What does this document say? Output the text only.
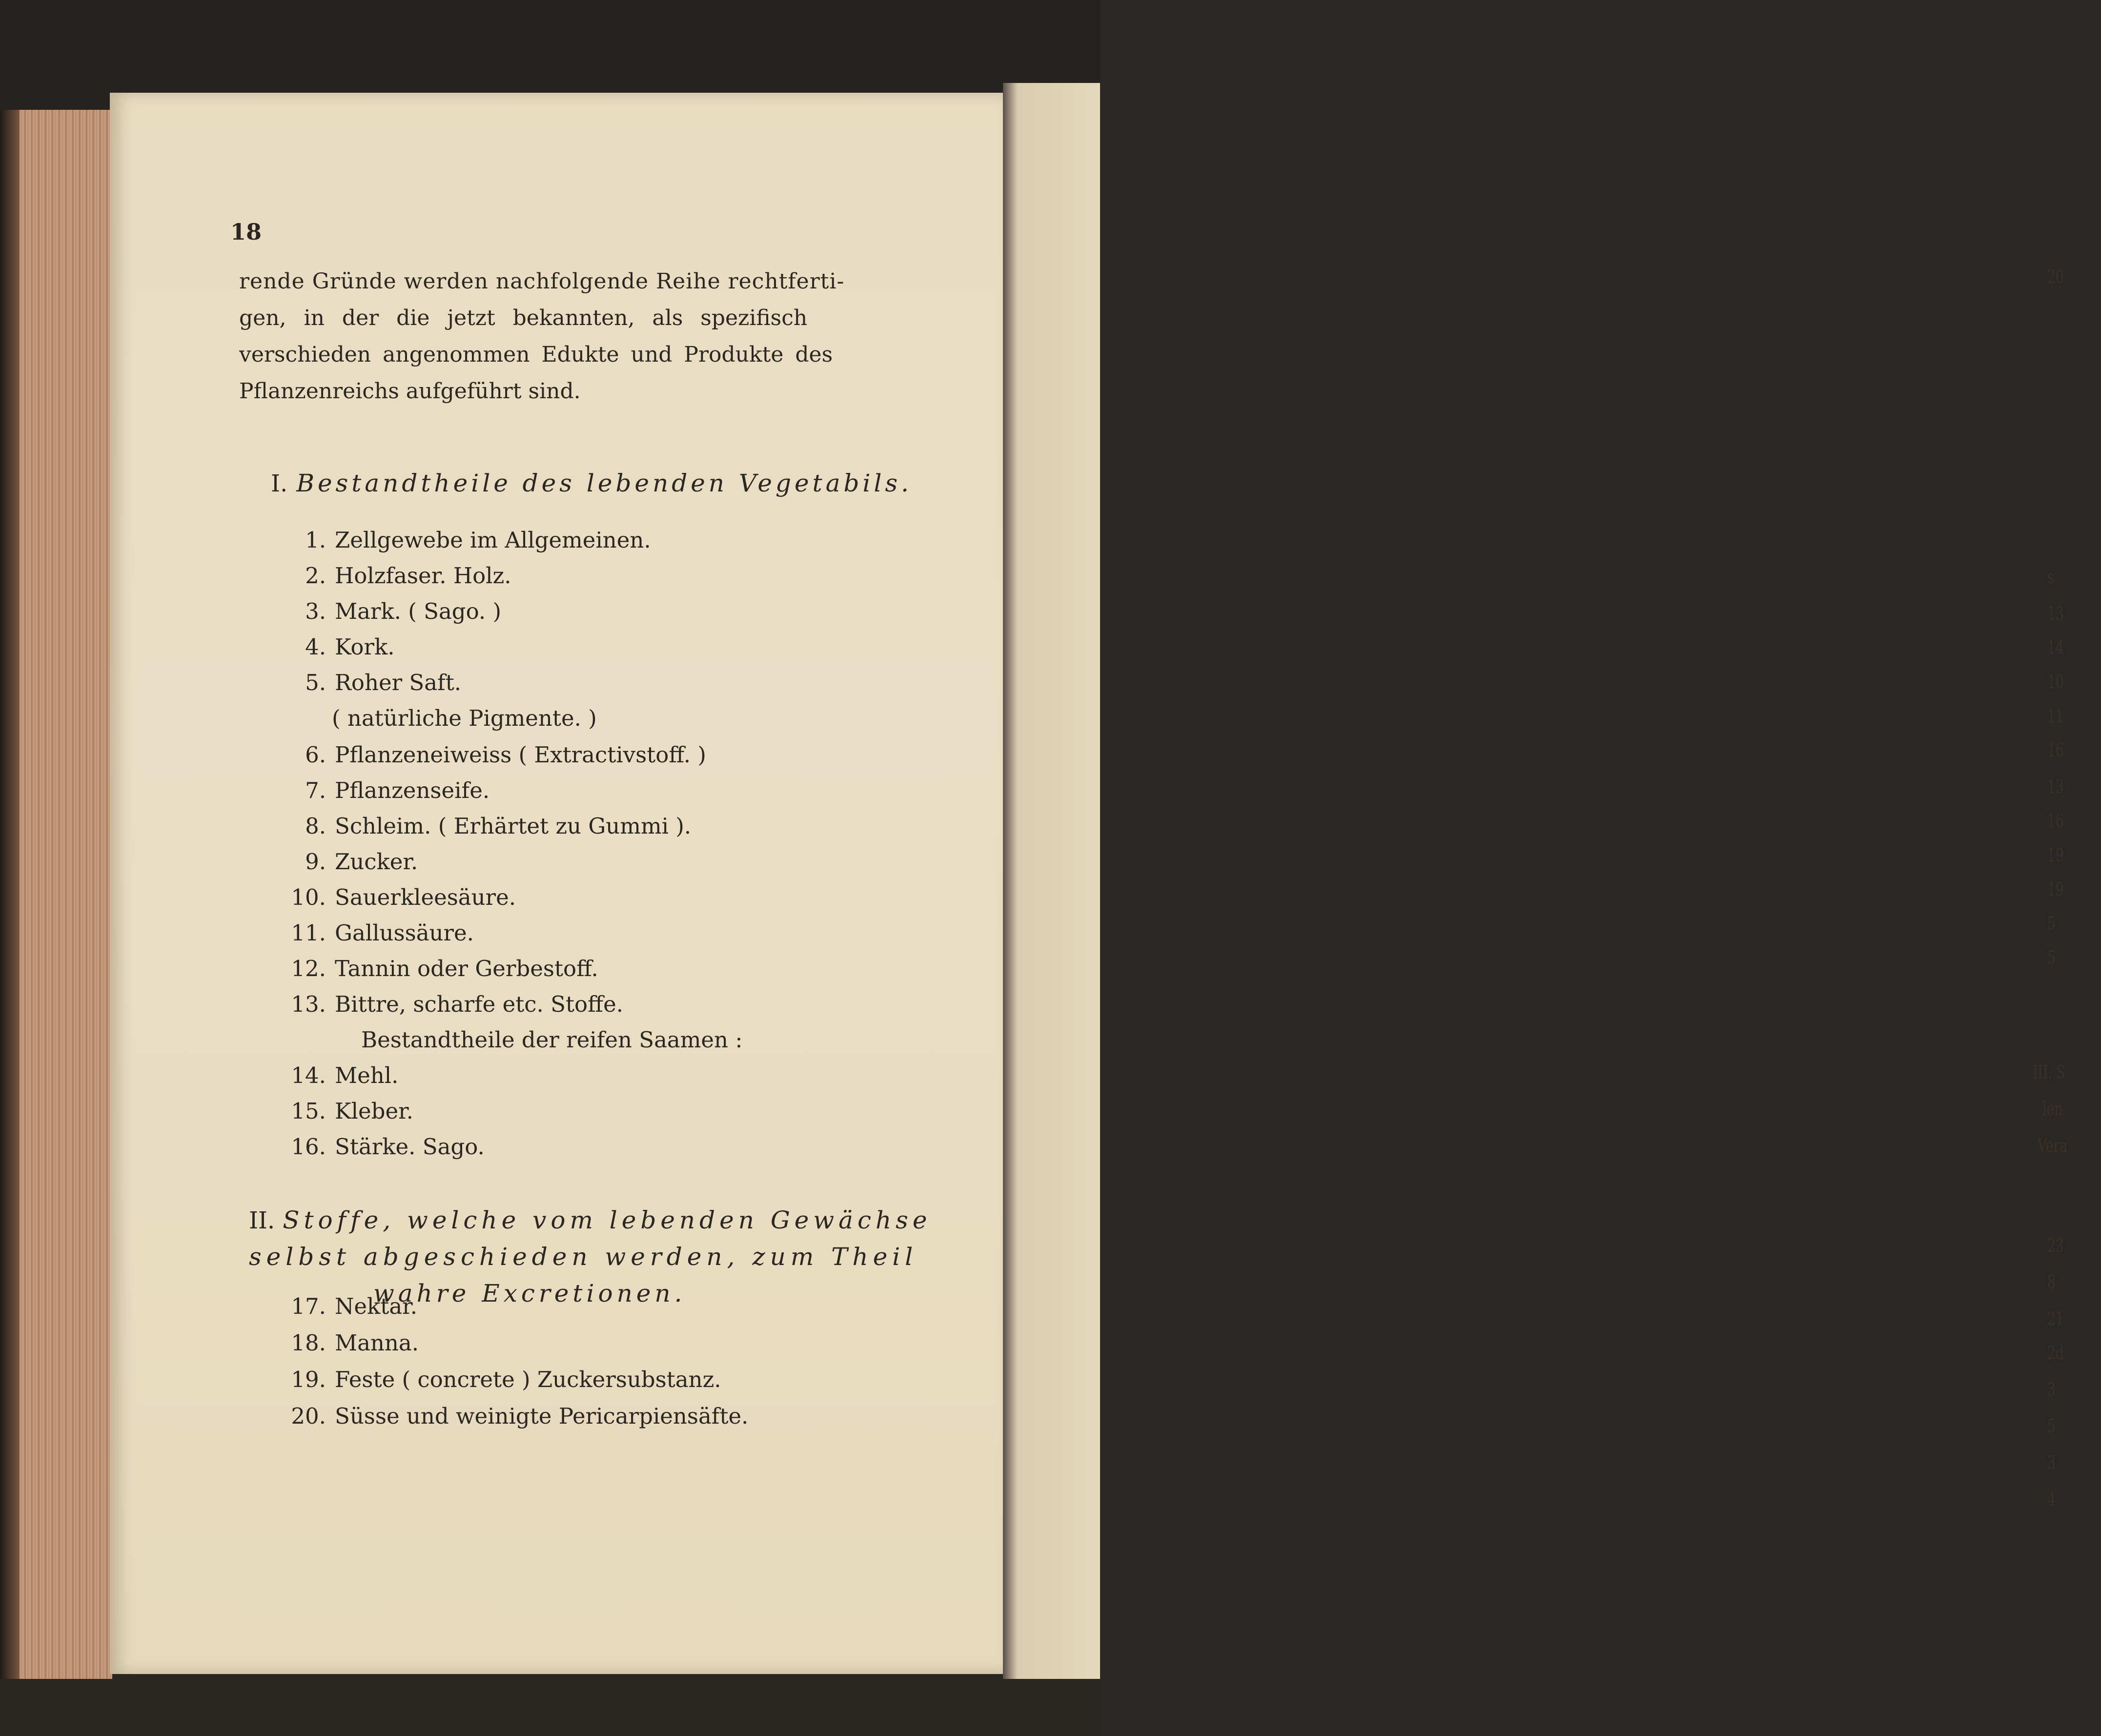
20
s
13
14
10
11
16
13
16
19
19
5
5
III. S
len
Vera
23
8
21
2d
3
5
3
4
18
rende Gründe werden nachfolgende Reihe rechtferti-
gen, in der die jetzt bekannten, als spezifisch
verschieden angenommen Edukte und Produkte des
Pflanzenreichs aufgeführt sind.
I. Bestandtheile des lebenden Vegetabils.
1. Zellgewebe im Allgemeinen.
2. Holzfaser. Holz.
3. Mark. ( Sago. )
4. Kork.
5. Roher Saft.
( natürliche Pigmente. )
6. Pflanzeneiweiss ( Extractivstoff. )
7. Pflanzenseife.
8. Schleim. ( Erhärtet zu Gummi ).
9. Zucker.
10. Sauerkleesäure.
11. Gallussäure.
12. Tannin oder Gerbestoff.
13. Bittre, scharfe etc. Stoffe.
Bestandtheile der reifen Saamen :
14. Mehl.
15. Kleber.
16. Stärke. Sago.
II. Stoffe, welche vom lebenden Gewächse
selbst abgeschieden werden, zum Theil
wahre Excretionen.
17. Nektar.
18. Manna.
19. Feste ( concrete ) Zuckersubstanz.
20. Süsse und weinigte Pericarpiensäfte.
